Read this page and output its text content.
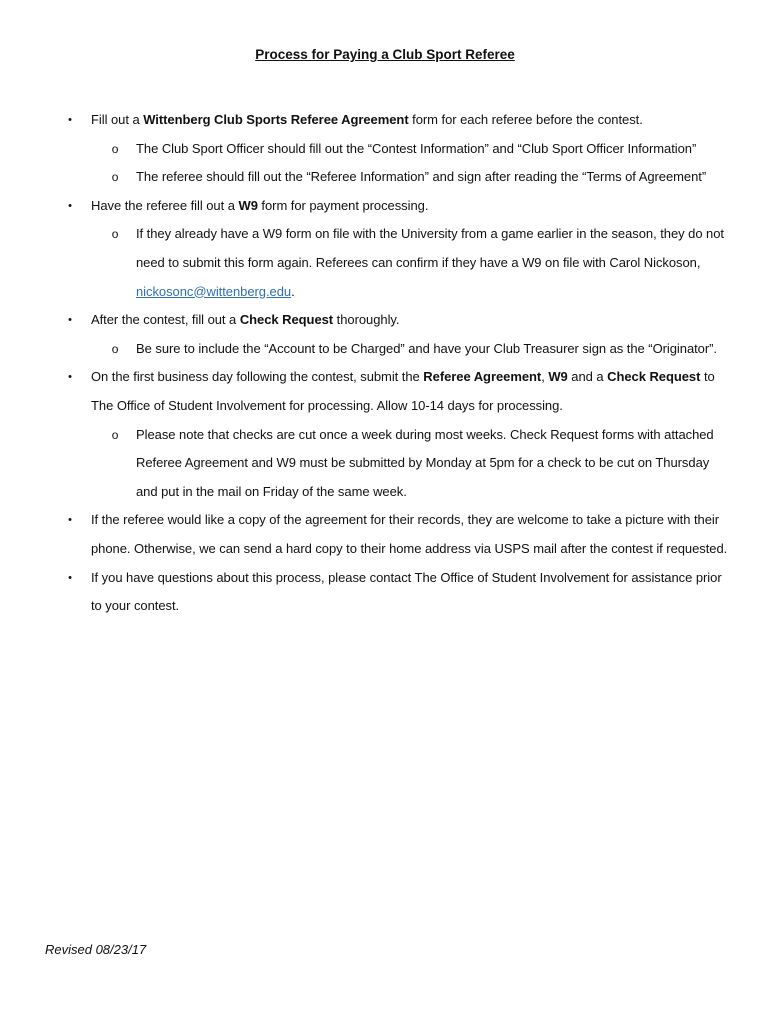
Process for Paying a Club Sport Referee
•	Fill out a Wittenberg Club Sports Referee Agreement form for each referee before the contest.
o The Club Sport Officer should fill out the “Contest Information” and “Club Sport Officer Information”
o The referee should fill out the “Referee Information” and sign after reading the “Terms of Agreement”
•	Have the referee fill out a W9 form for payment processing.
o If they already have a W9 form on file with the University from a game earlier in the season, they do not need to submit this form again. Referees can confirm if they have a W9 on file with Carol Nickoson, nickosonc@wittenberg.edu.
•	After the contest, fill out a Check Request thoroughly.
o Be sure to include the “Account to be Charged” and have your Club Treasurer sign as the “Originator”.
•	On the first business day following the contest, submit the Referee Agreement, W9 and a Check Request to The Office of Student Involvement for processing. Allow 10-14 days for processing.
o Please note that checks are cut once a week during most weeks. Check Request forms with attached Referee Agreement and W9 must be submitted by Monday at 5pm for a check to be cut on Thursday and put in the mail on Friday of the same week.
•	If the referee would like a copy of the agreement for their records, they are welcome to take a picture with their phone. Otherwise, we can send a hard copy to their home address via USPS mail after the contest if requested.
•	If you have questions about this process, please contact The Office of Student Involvement for assistance prior to your contest.
Revised 08/23/17
